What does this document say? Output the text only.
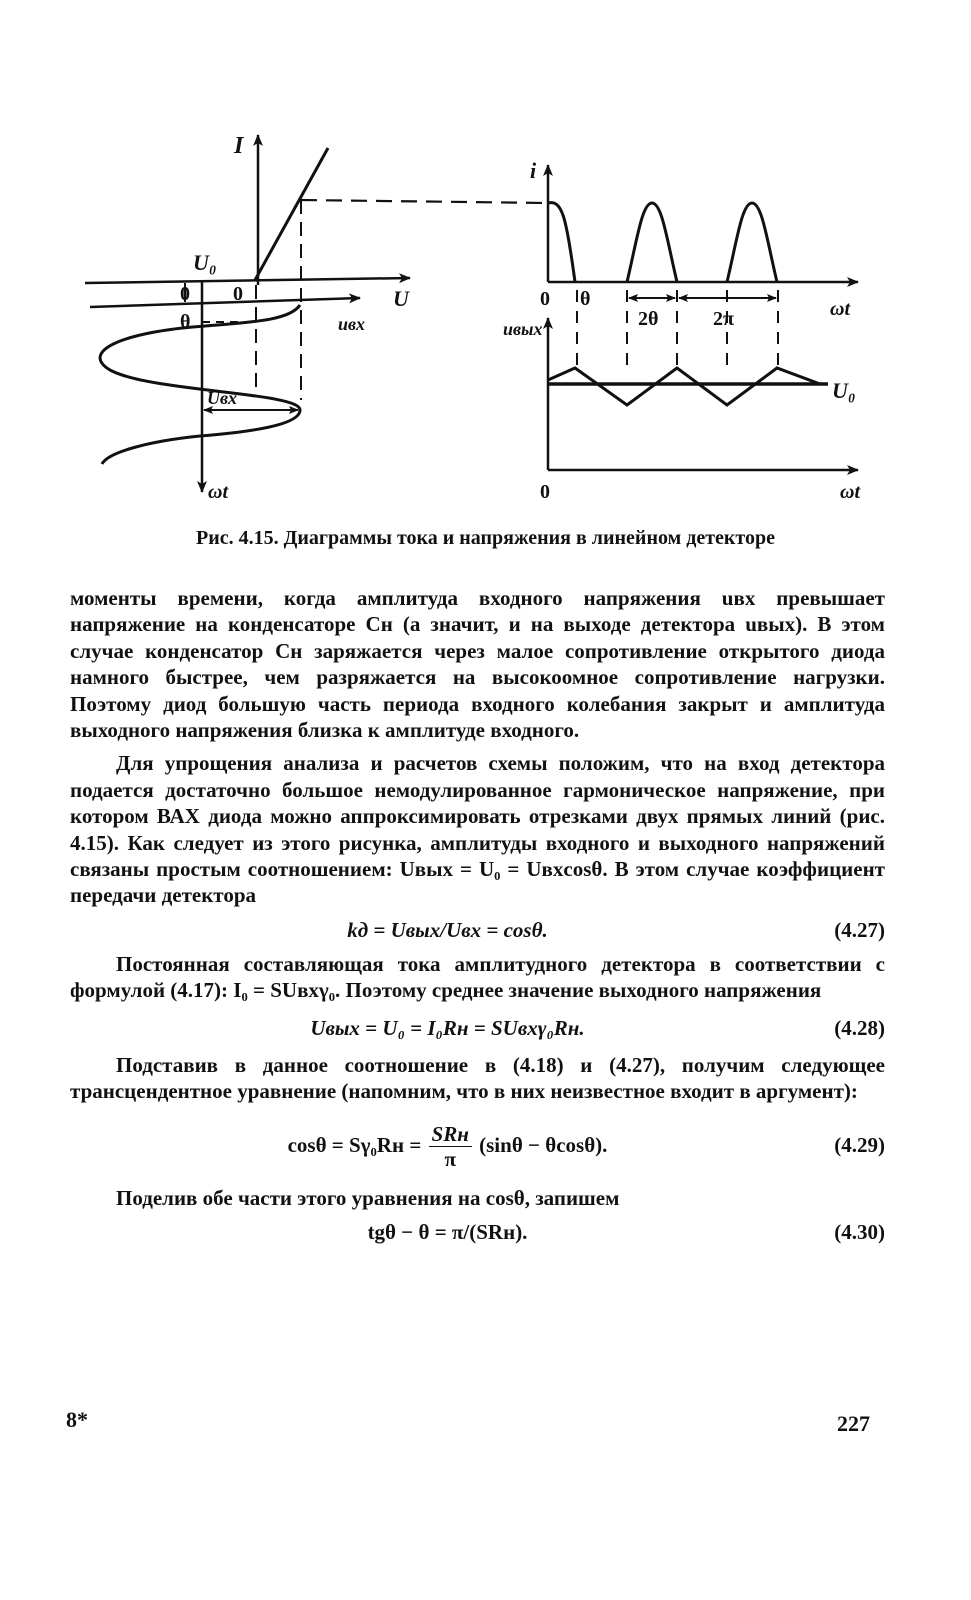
I
U₀
0 0	U
θ	uвх
Uвх
ωt
i
0 θ
2θ	2π	ωt
uвых
U₀
0	ωt
Рис. 4.15. Диаграммы тока и напряжения в линейном детекторе

моменты времени, когда амплитуда входного напряжения uвх превышает напряжение на конденсаторе Cн (а значит, и на выходе детектора uвых). В этом случае конденсатор Cн заряжается через малое сопротивление открытого диода намного быстрее, чем разряжается на высокоомное сопротивление нагрузки. Поэтому диод большую часть периода входного колебания закрыт и амплитуда выходного напряжения близка к амплитуде входного.

Для упрощения анализа и расчетов схемы положим, что на вход детектора подается достаточно большое немодулированное гармоническое напряжение, при котором ВАХ диода можно аппроксимировать отрезками двух прямых линий (рис. 4.15). Как следует из этого рисунка, амплитуды входного и выходного напряжений связаны простым соотношением: Uвых = U₀ = Uвхcosθ. В этом случае коэффициент передачи детектора

kд = Uвых/Uвх = cosθ.	(4.27)

Постоянная составляющая тока амплитудного детектора в соответствии с формулой (4.17): I₀ = SUвхγ₀. Поэтому среднее значение выходного напряжения

Uвых = U₀ = I₀Rн = SUвхγ₀Rн.	(4.28)

Подставив в данное соотношение в (4.18) и (4.27), получим следующее трансцендентное уравнение (напомним, что в них неизвестное входит в аргумент):

$\cos\theta = S\gamma_0Rн = \frac{\text{SRн}}{\pi} (\sin\theta - \theta\cos\theta)$.	(4.29)

Поделив обе части этого уравнения на cosθ, запишем

tgθ − θ = π/(SRн).	(4.30)
8*	227
